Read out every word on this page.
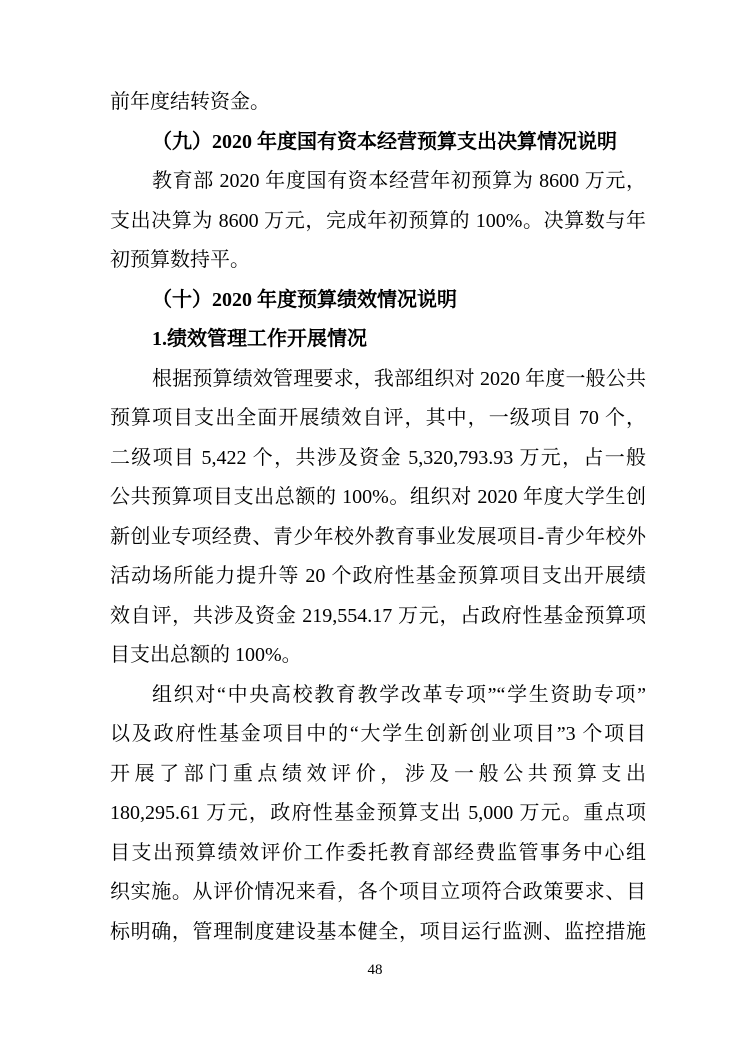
前年度结转资金。
（九）2020 年度国有资本经营预算支出决算情况说明
教育部 2020 年度国有资本经营年初预算为 8600 万元，
支出决算为 8600 万元，完成年初预算的 100%。决算数与年
初预算数持平。
（十）2020 年度预算绩效情况说明
1.绩效管理工作开展情况
根据预算绩效管理要求，我部组织对 2020 年度一般公共
预算项目支出全面开展绩效自评，其中，一级项目 70 个，
二级项目 5,422 个，共涉及资金 5,320,793.93 万元，占一般
公共预算项目支出总额的 100%。组织对 2020 年度大学生创
新创业专项经费、青少年校外教育事业发展项目-青少年校外
活动场所能力提升等 20 个政府性基金预算项目支出开展绩
效自评，共涉及资金 219,554.17 万元，占政府性基金预算项
目支出总额的 100%。
组织对“中央高校教育教学改革专项”“学生资助专项”
以及政府性基金项目中的“大学生创新创业项目”3 个项目
开展了部门重点绩效评价，涉及一般公共预算支出
180,295.61 万元，政府性基金预算支出 5,000 万元。重点项
目支出预算绩效评价工作委托教育部经费监管事务中心组
织实施。从评价情况来看，各个项目立项符合政策要求、目
标明确，管理制度建设基本健全，项目运行监测、监控措施
48
